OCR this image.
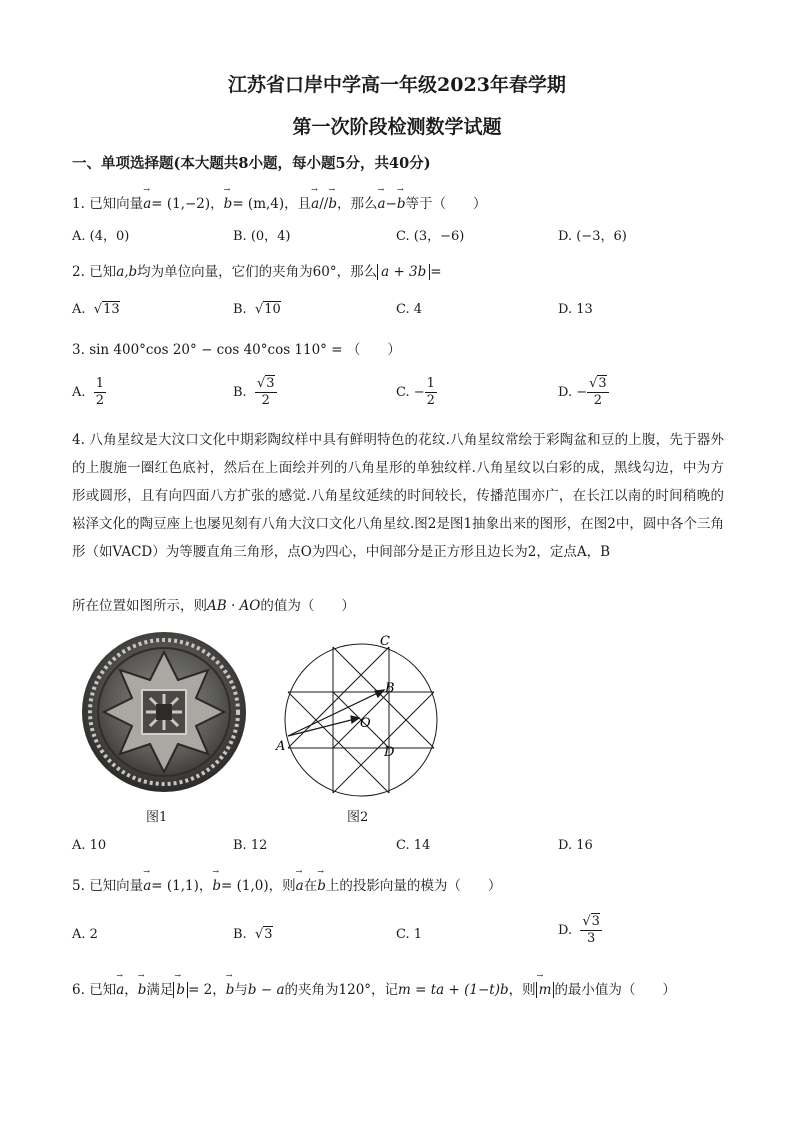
江苏省口岸中学高一年级2023年春学期
第一次阶段检测数学试题
一、单项选择题(本大题共8小题，每小题5分，共40分)
1. 已知向量→ a= (1,−2)，→ b= (m,4)，且→ a//→ b，那么→ a−→ b等于（　　）
A. (4，0)	B. (0，4)	C. (3，−6)	D. (−3，6)
2. 已知a,b均为单位向量，它们的夹角为60°，那么 a + 3b =
A.  √13	B.  √10	C. 4	D. 13
3. sin 400°cos 20° − cos 40°cos 110° = （　　）
A. $\frac{1}{2}$	B. $\frac{√3}{2}$	C. − $\frac{1}{2}$	D. − $\frac{√3}{2}$
4. 八角星纹是大汶口文化中期彩陶纹样中具有鲜明特色的花纹.八角星纹常绘于彩陶盆和豆的上腹，先于器外的上腹施一圈红色底衬，然后在上面绘并列的八角星形的单独纹样.八角星纹以白彩的成，黑线勾边，中为方形或圆形，且有向四面八方扩张的感觉.八角星纹延续的时间较长，传播范围亦广，在长江以南的时间稍晚的崧泽文化的陶豆座上也屡见刻有八角大汶口文化八角星纹.图2是图1抽象出来的图形，在图2中，圆中各个三角形（如VACD）为等腰直角三角形，点O为四心，中间部分是正方形且边长为2，定点A，B
所在位置如图所示，则AB · AO的值为（　　）
图1
A
B
C
D
O
图2
A. 10	B. 12	C. 14	D. 16
5. 已知向量→ a= (1,1)，→ b= (1,0)，则→ a在→ b上的投影向量的模为（　　）
A. 2	B.  √3	C. 1	D. $\frac{√3}{3}$
6. 已知→ a，→ b满足 → b = 2，→ b与b − a的夹角为120°，记m = ta + (1−t)b，则 → m 的最小值为（　　）
